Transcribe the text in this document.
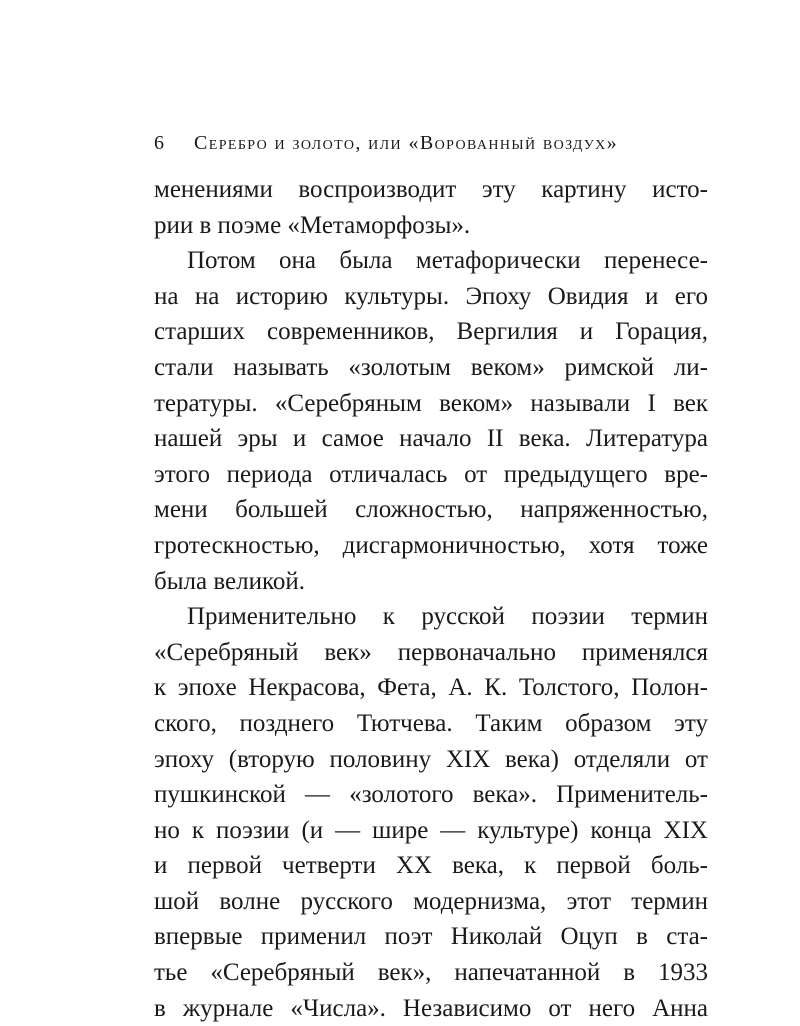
6 Серебро и золото, или «Ворованный воздух»
менениями воспроизводит эту картину исто-
рии в поэме «Метаморфозы».
Потом она была метафорически перенесе-
на на историю культуры. Эпоху Овидия и его
старших современников, Вергилия и Горация,
стали называть «золотым веком» римской ли-
тературы. «Серебряным веком» называли I век
нашей эры и самое начало II века. Литература
этого периода отличалась от предыдущего вре-
мени большей сложностью, напряженностью,
гротескностью, дисгармоничностью, хотя тоже
была великой.
Применительно к русской поэзии термин
«Серебряный век» первоначально применялся
к эпохе Некрасова, Фета, А. К. Толстого, Полон-
ского, позднего Тютчева. Таким образом эту
эпоху (вторую половину XIX века) отделяли от
пушкинской — «золотого века». Применитель-
но к поэзии (и — шире — культуре) конца XIX
и первой четверти XX века, к первой боль-
шой волне русского модернизма, этот термин
впервые применил поэт Николай Оцуп в ста-
тье «Серебряный век», напечатанной в 1933
в журнале «Числа». Независимо от него Анна
